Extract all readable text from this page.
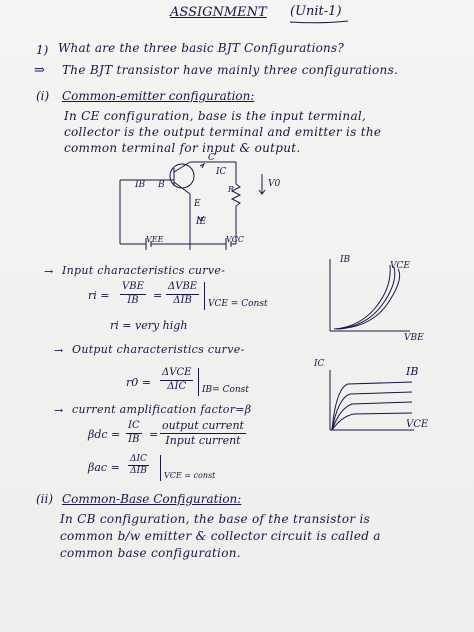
ASSIGNMENT (Unit-1)
1) What are the three basic BJT Configurations?
⇒ The BJT transistor have mainly three configurations.
(i) Common-emitter configuration:
In CE configuration, base is the input terminal,
collector is the output terminal and emitter is the
common terminal for input & output.
C
IC
B
IB
E
IE
R
V0
VEE	VCC
→ Input characteristics curve-
ri =
VBE
IB =
ΔVBE
ΔIB VCE = Const
ri = very high
IB
VCE
VBE
→ Output characteristics curve-
r0 =
ΔVCE
ΔIC IB= Const
IC
IB
VCE
→ current amplification factor=β
$\beta dc = \frac{IC}{IB}$ =
output current
Input current
βac =
ΔIC
ΔIB VCE = const
(ii) Common-Base Configuration:
In CB configuration, the base of the transistor is
common b/w emitter & collector circuit is called a
common base configuration.
